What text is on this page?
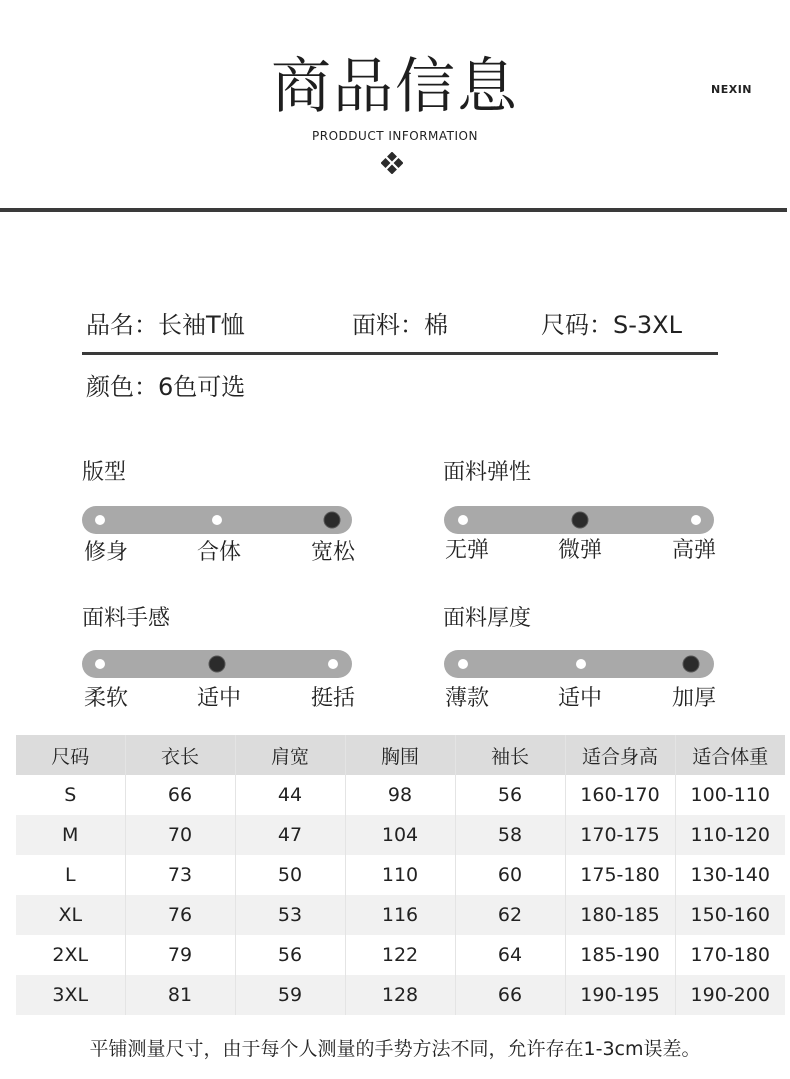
商品信息	NEXIN
PRODDUCT INFORMATION
品名：长袖T恤	面料：棉	尺码：S-3XL
颜色：6色可选
版型
修身	合体	宽松
面料弹性
无弹	微弹	高弹
面料手感
柔软	适中	挺括
面料厚度
薄款	适中	加厚
尺码	衣长	肩宽	胸围	袖长	适合身高	适合体重
S	66	44	98	56	160-170	100-110
M	70	47	104	58	170-175	110-120
L	73	50	110	60	175-180	130-140
XL	76	53	116	62	180-185	150-160
2XL	79	56	122	64	185-190	170-180
3XL	81	59	128	66	190-195	190-200
平铺测量尺寸，由于每个人测量的手势方法不同，允许存在1-3cm误差。
